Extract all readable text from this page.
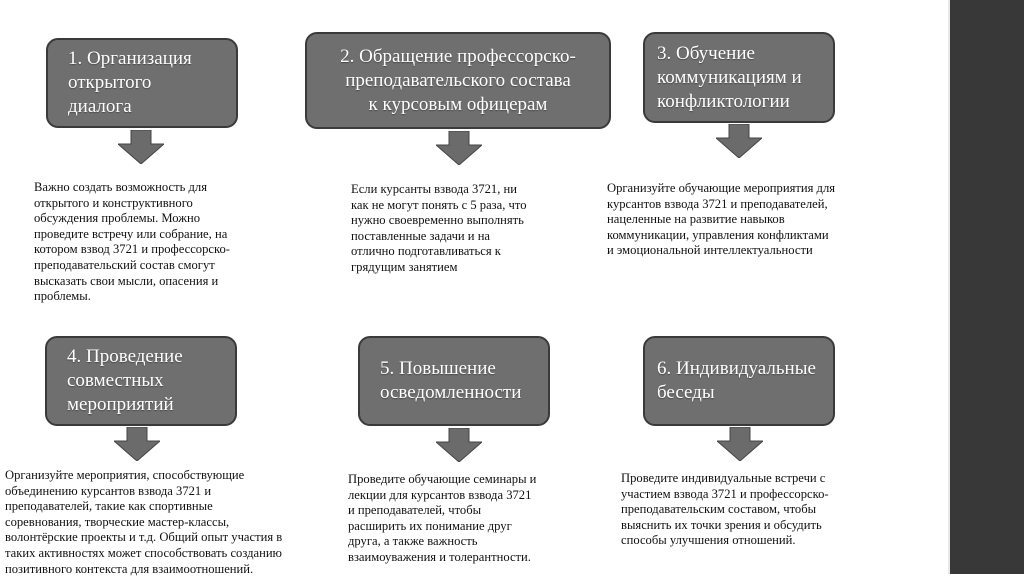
1. Организация
открытого
диалога
Важно создать возможность для
открытого и конструктивного
обсуждения проблемы. Можно
проведите встречу или собрание, на
котором взвод 3721 и профессорско-
преподавательский состав смогут
высказать свои мысли, опасения и
проблемы.
2. Обращение профессорско-
преподавательского состава
к курсовым офицерам
Если курсанты взвода 3721, ни
как не могут понять с 5 раза, что
нужно своевременно выполнять
поставленные задачи и на
отлично подготавливаться к
грядущим занятием
3. Обучение
коммуникациям и
конфликтологии
Организуйте обучающие мероприятия для
курсантов взвода 3721 и преподавателей,
нацеленные на развитие навыков
коммуникации, управления конфликтами
и эмоциональной интеллектуальности
4. Проведение
совместных
мероприятий
Организуйте мероприятия, способствующие
объединению курсантов взвода 3721 и
преподавателей, такие как спортивные
соревнования, творческие мастер-классы,
волонтёрские проекты и т.д. Общий опыт участия в
таких активностях может способствовать созданию
позитивного контекста для взаимоотношений.
5. Повышение
осведомленности
Проведите обучающие семинары и
лекции для курсантов взвода 3721
и преподавателей, чтобы
расширить их понимание друг
друга, а также важность
взаимоуважения и толерантности.
6. Индивидуальные
беседы
Проведите индивидуальные встречи с
участием взвода 3721 и профессорско-
преподавательским составом, чтобы
выяснить их точки зрения и обсудить
способы улучшения отношений.
